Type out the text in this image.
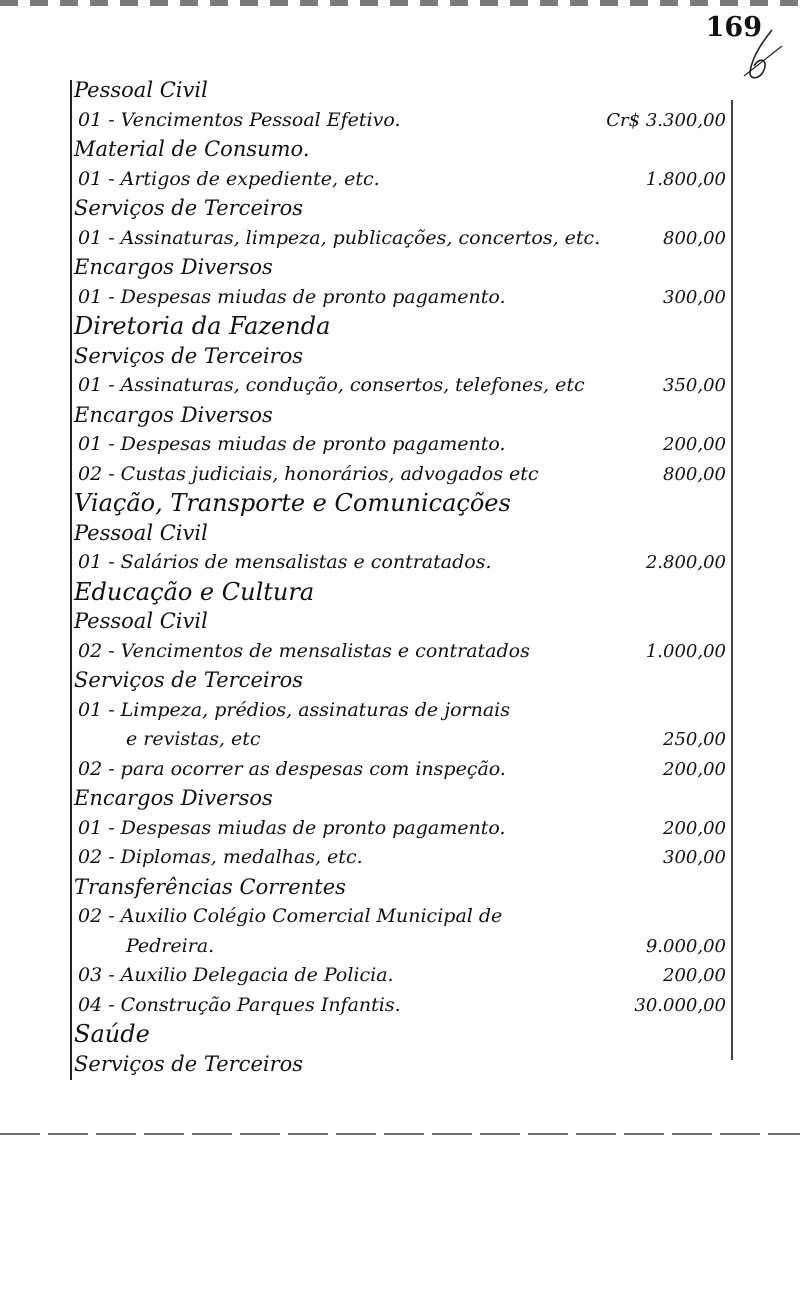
169
Pessoal Civil
01 - Vencimentos Pessoal Efetivo.	Cr$ 3.300,00
Material de Consumo.
01 - Artigos de expediente, etc.	1.800,00
Serviços de Terceiros
01 - Assinaturas, limpeza, publicações, concertos, etc.	800,00
Encargos Diversos
01 - Despesas miudas de pronto pagamento.	300,00
Diretoria da Fazenda
Serviços de Terceiros
01 - Assinaturas, condução, consertos, telefones, etc	350,00
Encargos Diversos
01 - Despesas miudas de pronto pagamento.	200,00
02 - Custas judiciais, honorários, advogados etc	800,00
Viação, Transporte e Comunicações
Pessoal Civil
01 - Salários de mensalistas e contratados.	2.800,00
Educação e Cultura
Pessoal Civil
02 - Vencimentos de mensalistas e contratados	1.000,00
Serviços de Terceiros
01 - Limpeza, prédios, assinaturas de jornais
e revistas, etc	250,00
02 - para ocorrer as despesas com inspeção.	200,00
Encargos Diversos
01 - Despesas miudas de pronto pagamento.	200,00
02 - Diplomas, medalhas, etc.	300,00
Transferências Correntes
02 - Auxilio Colégio Comercial Municipal de
Pedreira.	9.000,00
03 - Auxilio Delegacia de Policia.	200,00
04 - Construção Parques Infantis.	30.000,00
Saúde
Serviços de Terceiros
